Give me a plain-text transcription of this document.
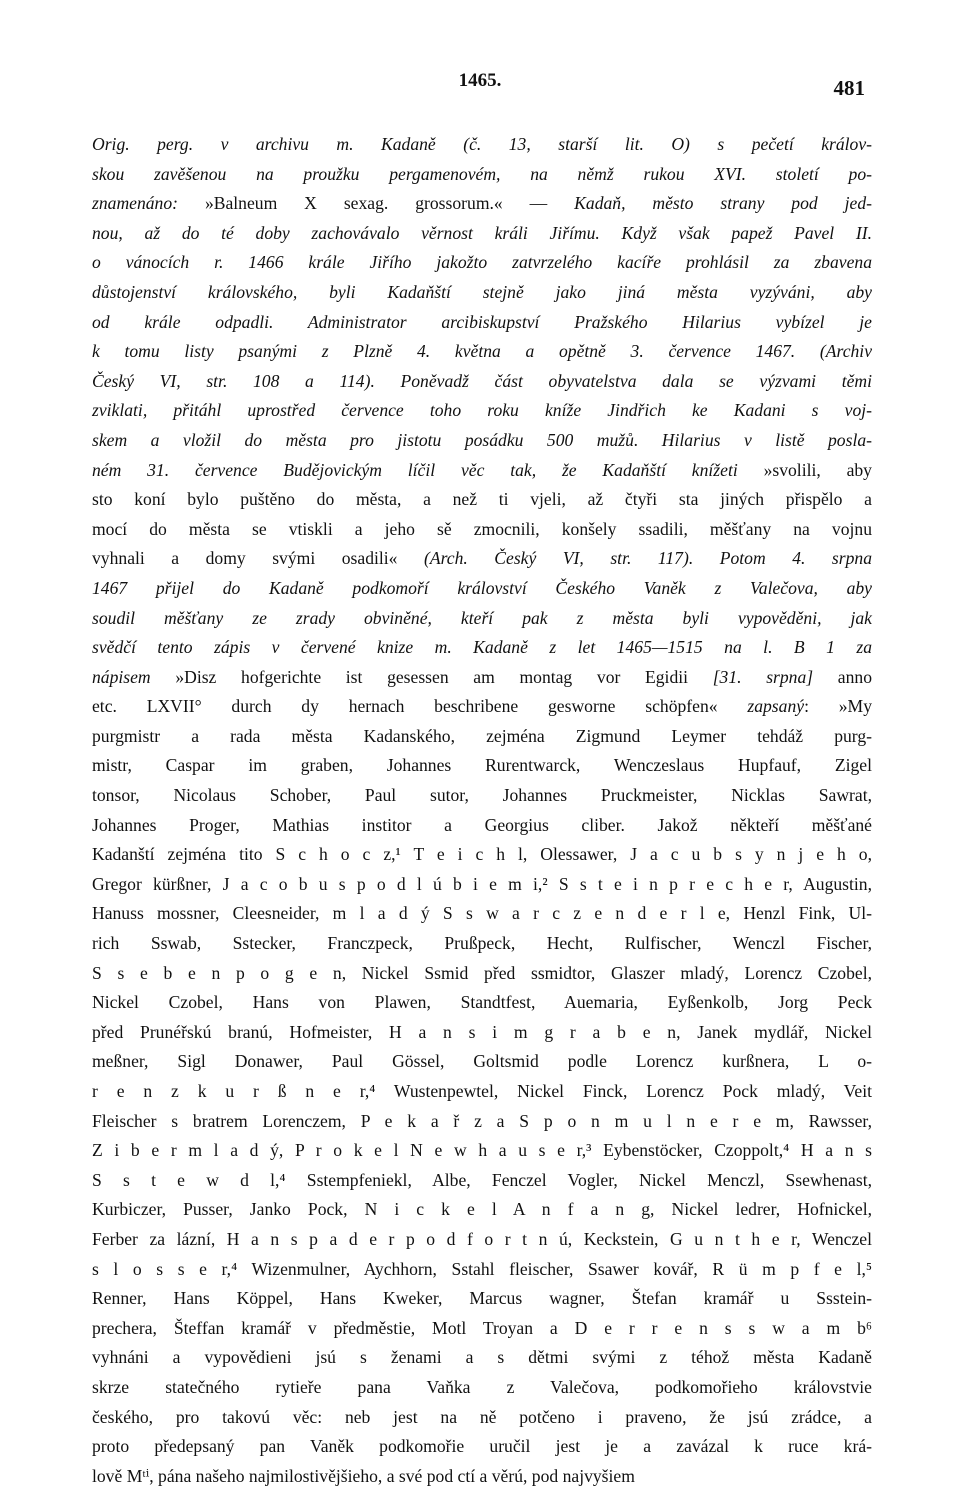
1465.	481
Orig. perg. v archivu m. Kadaně (č. 13, starší lit. O) s pečetí králov-
skou zavěšenou na proužku pergamenovém, na němž rukou XVI. století po-
znamenáno: »Balneum X sexag. grossorum.« — Kadaň, město strany pod jed-
nou, až do té doby zachovávalo věrnost králi Jiřímu. Když však papež Pavel II.
o vánocích r. 1466 krále Jiřího jakožto zatvrzelého kacíře prohlásil za zbavena
důstojenství královského, byli Kadaňští stejně jako jiná města vyzýváni, aby
od krále odpadli. Administrator arcibiskupství Pražského Hilarius vybízel je
k tomu listy psanými z Plzně 4. května a opětně 3. července 1467. (Archiv
Český VI, str. 108 a 114). Poněvadž část obyvatelstva dala se výzvami těmi
zviklati, přitáhl uprostřed července toho roku kníže Jindřich ke Kadani s voj-
skem a vložil do města pro jistotu posádku 500 mužů. Hilarius v listě posla-
ném 31. července Budějovickým líčil věc tak, že Kadaňští knížeti »svolili, aby
sto koní bylo puštěno do města, a než ti vjeli, až čtyři sta jiných přispělo a
mocí do města se vtiskli a jeho sě zmocnili, konšely ssadili, měšťany na vojnu
vyhnali a domy svými osadili« (Arch. Český VI, str. 117). Potom 4. srpna
1467 přijel do Kadaně podkomoří království Českého Vaněk z Valečova, aby
soudil měšťany ze zrady obviněné, kteří pak z města byli vypověděni, jak
svědčí tento zápis v červené knize m. Kadaně z let 1465—1515 na l. B 1 za
nápisem »Disz hofgerichte ist gesessen am montag vor Egidii [31. srpna] anno
etc. LXVII° durch dy hernach beschribene gesworne schöpfen« zapsaný: »My
purgmistr a rada města Kadanského, zejména Zigmund Leymer tehdáž purg-
mistr, Caspar im graben, Johannes Rurentwarck, Wenczeslaus Hupfauf, Zigel
tonsor, Nicolaus Schober, Paul sutor, Johannes Pruckmeister, Nicklas Sawrat,
Johannes Proger, Mathias institor a Georgius cliber. Jakož někteří měšťané
Kadanští zejména tito S c h o c z,¹ T e i c h l, Olessawer, J a c u b s y n j e h o,
Gregor kürßner, J a c o b u s p o d l ú b i e m i,² S s t e i n p r e c h e r, Augustin,
Hanuss mossner, Cleesneider, m l a d ý S s w a r c z e n d e r l e, Henzl Fink, Ul-
rich Sswab, Sstecker, Franczpeck, Prußpeck, Hecht, Rulfischer, Wenczl Fischer,
S s e b e n p o g e n, Nickel Ssmid před ssmidtor, Glaszer mladý, Lorencz Czobel,
Nickel Czobel, Hans von Plawen, Standtfest, Auemaria, Eyßenkolb, Jorg Peck
před Prunéřskú branú, Hofmeister, H a n s i m g r a b e n, Janek mydlář, Nickel
meßner, Sigl Donawer, Paul Gössel, Goltsmid podle Lorencz kurßnera, L o-
r e n z k u r ß n e r,⁴ Wustenpewtel, Nickel Finck, Lorencz Pock mladý, Veit
Fleischer s bratrem Lorenczem, P e k a ř z a S p o n m u l n e r e m, Rawsser,
Z i b e r m l a d ý, P r o k e l N e w h a u s e r,³ Eybenstöcker, Czoppolt,⁴ H a n s
S s t e w d l,⁴ Sstempfeniekl, Albe, Fenczel Vogler, Nickel Menczl, Ssewhenast,
Kurbiczer, Pusser, Janko Pock, N i c k e l A n f a n g, Nickel ledrer, Hofnickel,
Ferber za lázní, H a n s p a d e r p o d f o r t n ú, Keckstein, G u n t h e r, Wenczel
s l o s s e r,⁴ Wizenmulner, Aychhorn, Sstahl fleischer, Ssawer kovář, R ü m p f e l,⁵
Renner, Hans Köppel, Hans Kweker, Marcus wagner, Štefan kramář u Ssstein-
prechera, Šteffan kramář v předměstie, Motl Troyan a D e r r e n s s w a m b⁶
vyhnáni a vypovědieni jsú s ženami a s dětmi svými z téhož města Kadaně
skrze statečného rytieře pana Vaňka z Valečova, podkomořieho královstvie
českého, pro takovú věc: neb jest na ně potčeno i praveno, že jsú zrádce, a
proto předepsaný pan Vaněk podkomořie uručil jest je a zavázal k ruce krá-
lově Mᵗⁱ, pána našeho najmilostivějšieho, a své pod ctí a věrú, pod najvyšiem
